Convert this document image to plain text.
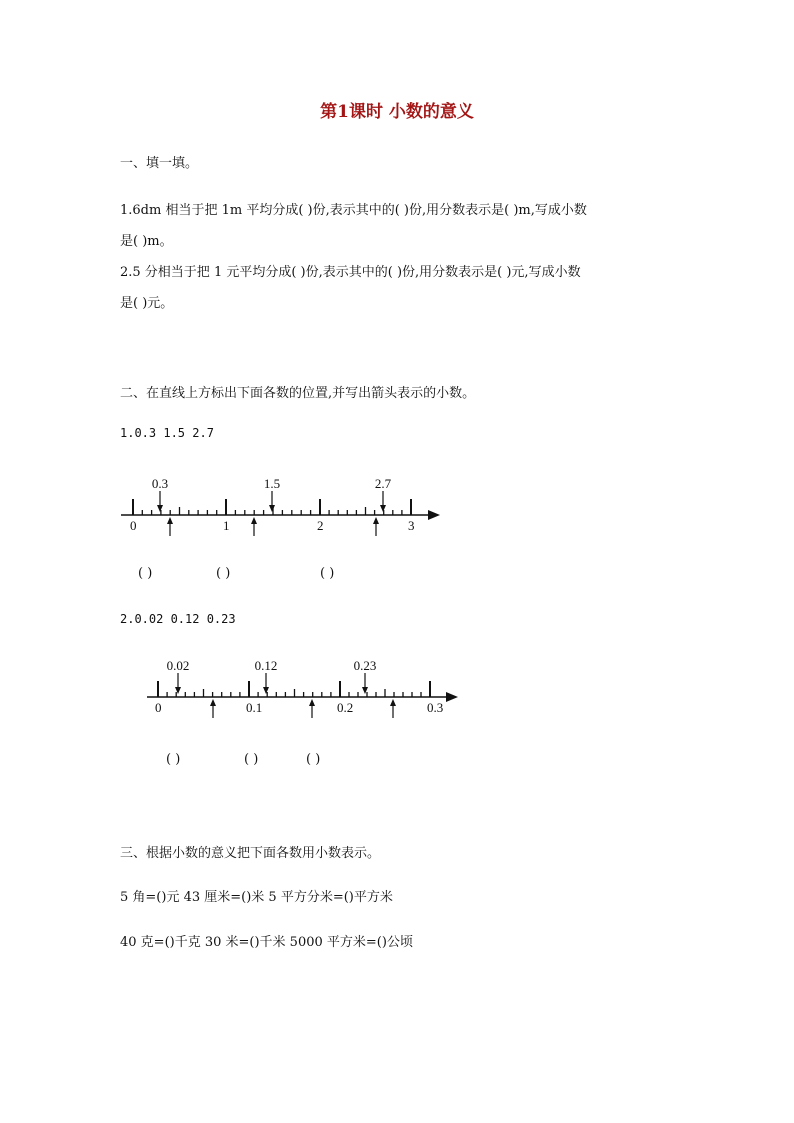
第1课时 小数的意义
一、填一填。
1.6dm 相当于把 1m 平均分成( )份,表示其中的( )份,用分数表示是( )m,写成小数
是( )m。
2.5 分相当于把 1 元平均分成( )份,表示其中的( )份,用分数表示是( )元,写成小数
是( )元。
二、在直线上方标出下面各数的位置,并写出箭头表示的小数。
1.0.3 1.5 2.7
0	1	2	3
0.3	1.5	2.7
0	0.1	0.2	0.3
0.02	0.12	0.23
( )	( )	( )
2.0.02 0.12 0.23
( )	( )	( )
三、根据小数的意义把下面各数用小数表示。
5 角=()元 43 厘米=()米 5 平方分米=()平方米
40 克=()千克 30 米=()千米 5000 平方米=()公顷
